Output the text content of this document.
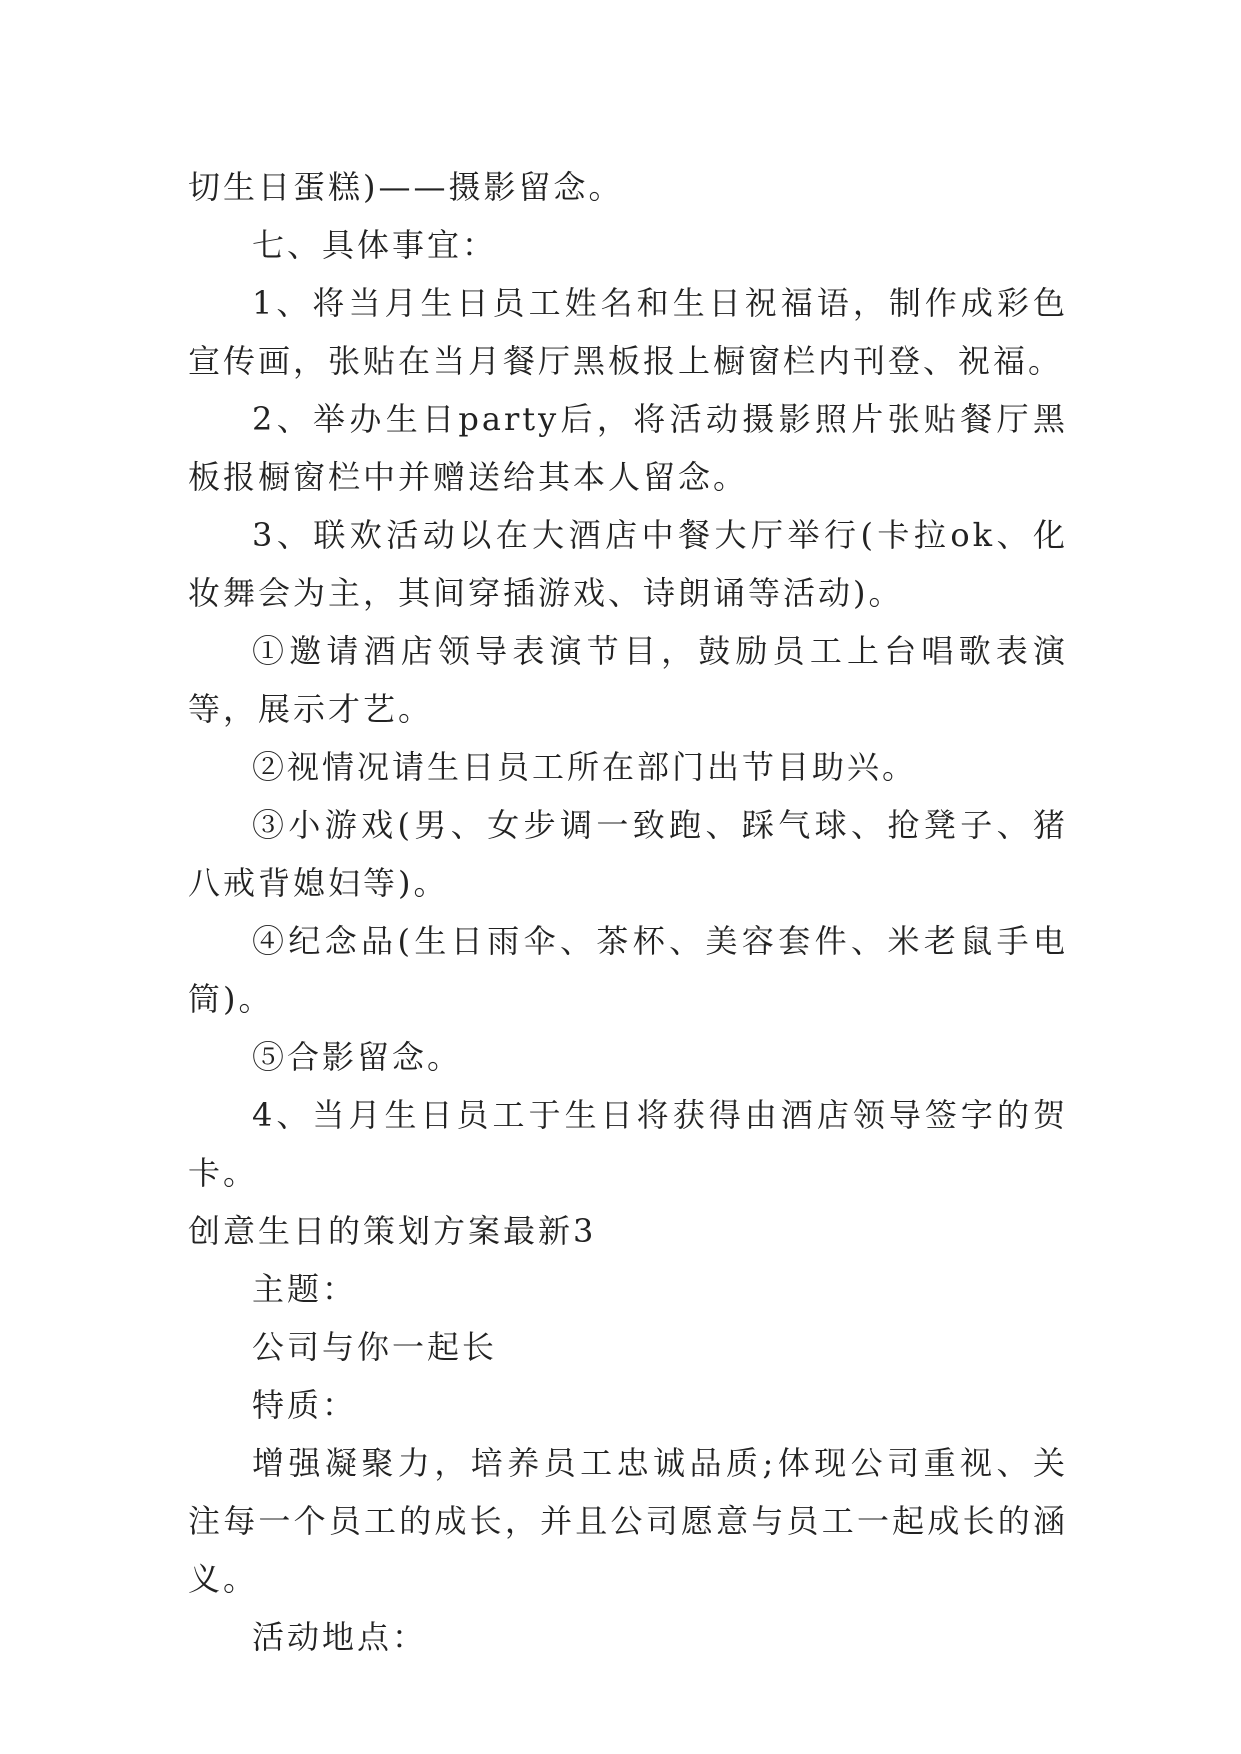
切生日蛋糕)——摄影留念。

七、具体事宜：

1、将当月生日员工姓名和生日祝福语，制作成彩色宣传画，张贴在当月餐厅黑板报上橱窗栏内刊登、祝福。

2、举办生日party后，将活动摄影照片张贴餐厅黑板报橱窗栏中并赠送给其本人留念。

3、联欢活动以在大酒店中餐大厅举行(卡拉ok、化妆舞会为主，其间穿插游戏、诗朗诵等活动)。

①邀请酒店领导表演节目，鼓励员工上台唱歌表演等，展示才艺。

②视情况请生日员工所在部门出节目助兴。

③小游戏(男、女步调一致跑、踩气球、抢凳子、猪八戒背媳妇等)。

④纪念品(生日雨伞、茶杯、美容套件、米老鼠手电筒)。

⑤合影留念。

4、当月生日员工于生日将获得由酒店领导签字的贺卡。

创意生日的策划方案最新3

主题：

公司与你一起长

特质：

增强凝聚力，培养员工忠诚品质;体现公司重视、关注每一个员工的成长，并且公司愿意与员工一起成长的涵义。

活动地点：
